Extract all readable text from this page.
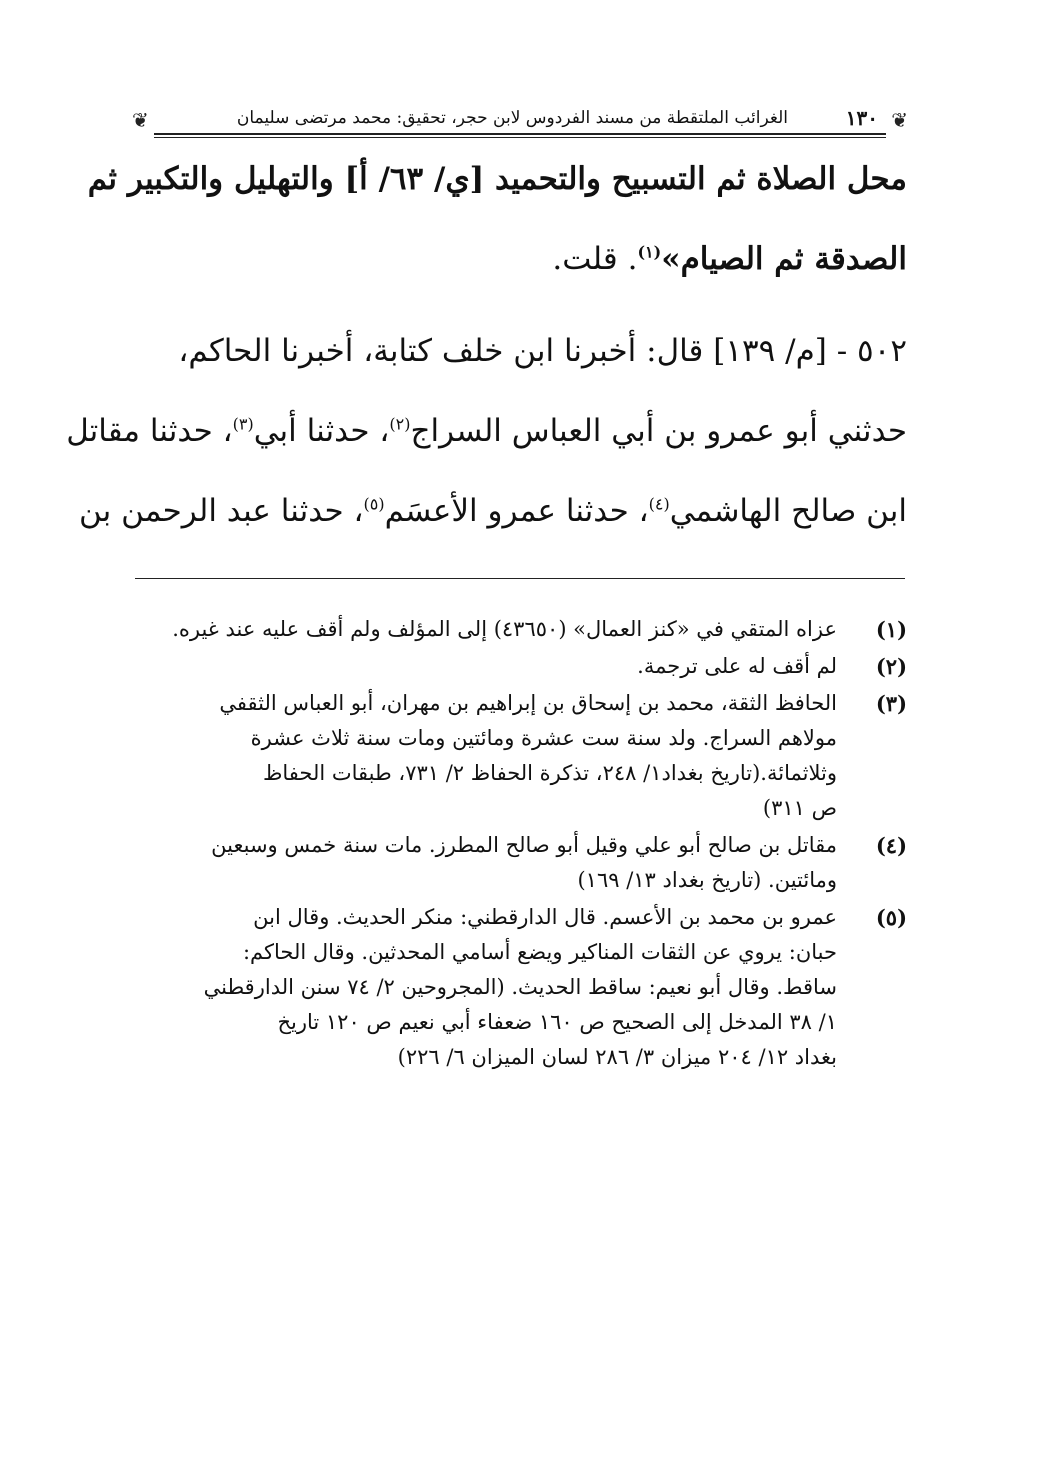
❦
١٣٠
الغرائب الملتقطة من مسند الفردوس لابن حجر، تحقيق: محمد مرتضى سليمان
❦

محل الصلاة ثم التسبيح والتحميد [ي/ ٦٣/ أ] والتهليل والتكبير ثم
الصدقة ثم الصيام»$^{(١)}$. قلت.

٥٠٢ - [م/ ١٣٩] قال: أخبرنا ابن خلف كتابة، أخبرنا الحاكم،
حدثني أبو عمرو بن أبي العباس السراج$^{(٢)}$، حدثنا أبي$^{(٣)}$، حدثنا مقاتل
ابن صالح الهاشمي$^{(٤)}$، حدثنا عمرو الأعسَم$^{(٥)}$، حدثنا عبد الرحمن بن

(١)
عزاه المتقي في «كنز العمال» (٤٣٦٥٠) إلى المؤلف ولم أقف عليه عند غيره.
(٢)
لم أقف له على ترجمة.
(٣)
الحافظ الثقة، محمد بن إسحاق بن إبراهيم بن مهران، أبو العباس الثقفي
مولاهم السراج. ولد سنة ست عشرة ومائتين ومات سنة ثلاث عشرة
وثلاثمائة.(تاريخ بغداد١/ ٢٤٨، تذكرة الحفاظ ٢/ ٧٣١، طبقات الحفاظ
ص ٣١١)
(٤)
مقاتل بن صالح أبو علي وقيل أبو صالح المطرز. مات سنة خمس وسبعين
ومائتين. (تاريخ بغداد ١٣/ ١٦٩)
(٥)
عمرو بن محمد بن الأعسم. قال الدارقطني: منكر الحديث. وقال ابن
حبان: يروي عن الثقات المناكير ويضع أسامي المحدثين. وقال الحاكم:
ساقط. وقال أبو نعيم: ساقط الحديث. (المجروحين ٢/ ٧٤ سنن الدارقطني
١/ ٣٨ المدخل إلى الصحيح ص ١٦٠ ضعفاء أبي نعيم ص ١٢٠ تاريخ
بغداد ١٢/ ٢٠٤ ميزان ٣/ ٢٨٦ لسان الميزان ٦/ ٢٢٦)
